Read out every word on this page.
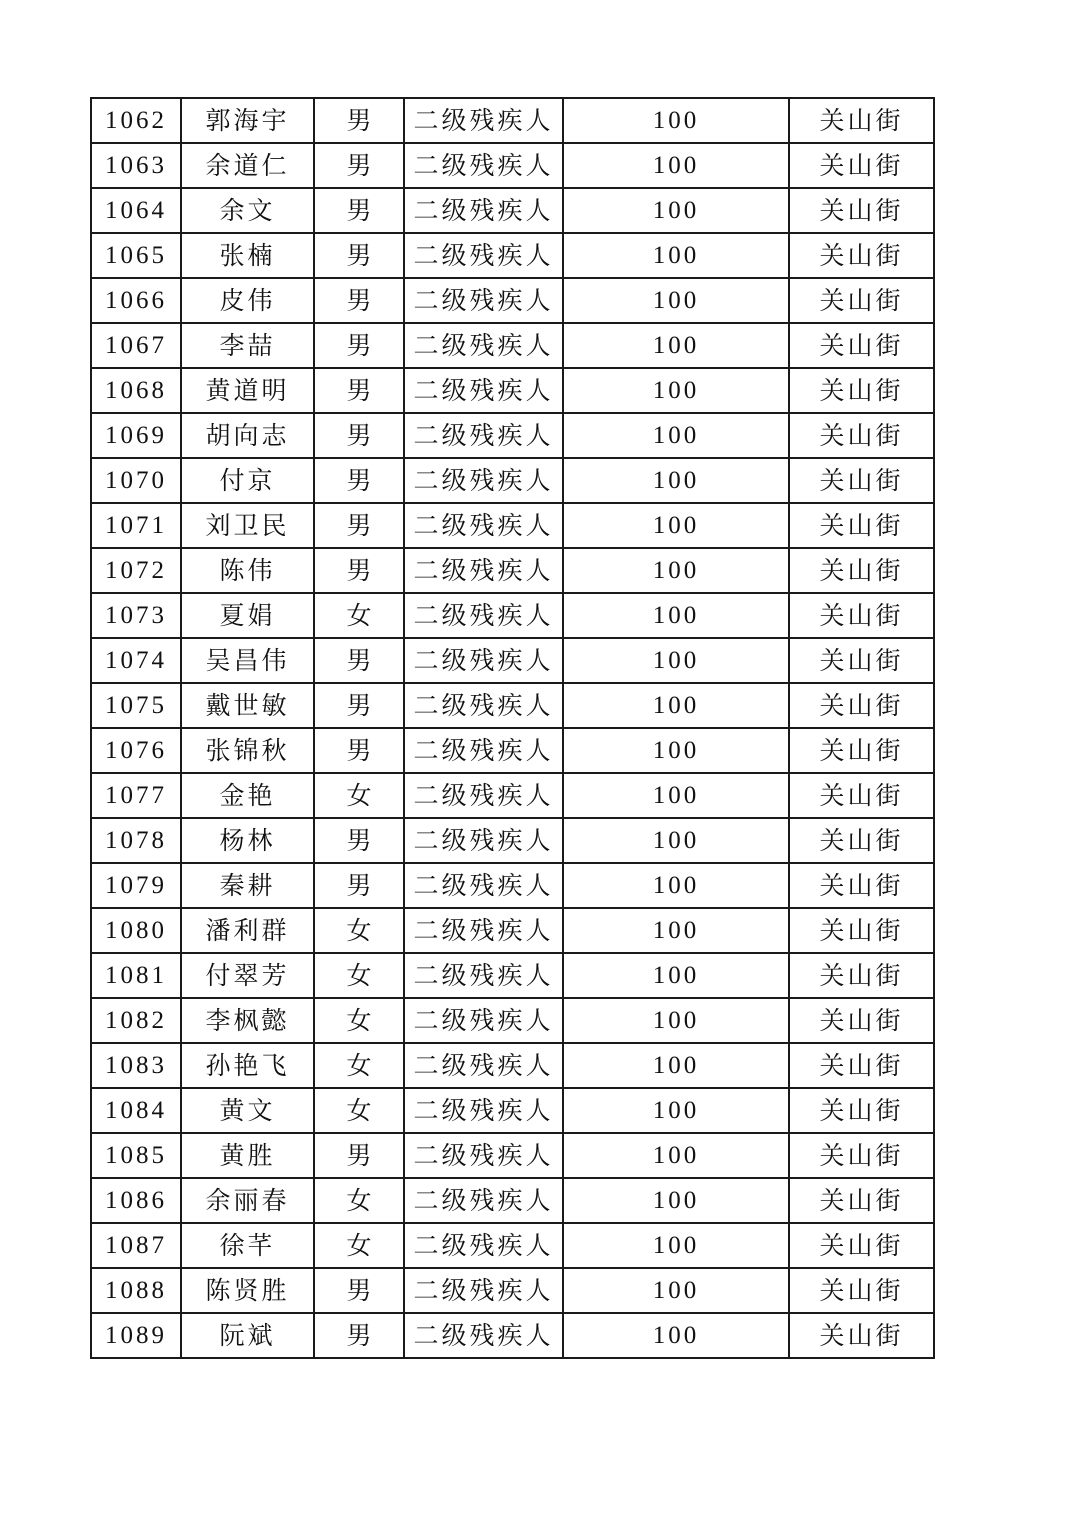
1062	郭海宇	男	二级残疾人	100	关山街
1063	余道仁	男	二级残疾人	100	关山街
1064	余文	男	二级残疾人	100	关山街
1065	张楠	男	二级残疾人	100	关山街
1066	皮伟	男	二级残疾人	100	关山街
1067	李喆	男	二级残疾人	100	关山街
1068	黄道明	男	二级残疾人	100	关山街
1069	胡向志	男	二级残疾人	100	关山街
1070	付京	男	二级残疾人	100	关山街
1071	刘卫民	男	二级残疾人	100	关山街
1072	陈伟	男	二级残疾人	100	关山街
1073	夏娟	女	二级残疾人	100	关山街
1074	吴昌伟	男	二级残疾人	100	关山街
1075	戴世敏	男	二级残疾人	100	关山街
1076	张锦秋	男	二级残疾人	100	关山街
1077	金艳	女	二级残疾人	100	关山街
1078	杨林	男	二级残疾人	100	关山街
1079	秦耕	男	二级残疾人	100	关山街
1080	潘利群	女	二级残疾人	100	关山街
1081	付翠芳	女	二级残疾人	100	关山街
1082	李枫懿	女	二级残疾人	100	关山街
1083	孙艳飞	女	二级残疾人	100	关山街
1084	黄文	女	二级残疾人	100	关山街
1085	黄胜	男	二级残疾人	100	关山街
1086	余丽春	女	二级残疾人	100	关山街
1087	徐芊	女	二级残疾人	100	关山街
1088	陈贤胜	男	二级残疾人	100	关山街
1089	阮斌	男	二级残疾人	100	关山街
